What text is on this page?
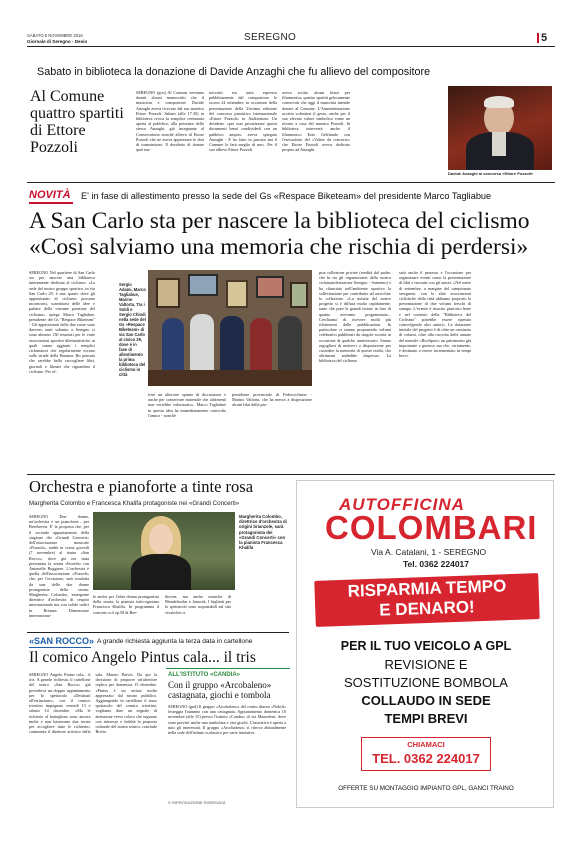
SABATO 5 NOVEMBRE 2016
Giornale di Seregno - Desio	SEREGNO	5
Sabato in biblioteca la donazione di Davide Anzaghi che fu allievo del compositore
Al Comune
quattro spartiti
di Ettore Pozzoli
SEREGNO (gcn) Al Comune verranno donati alcuni manoscritti che il musicista e compositore Davide Anzaghi aveva ricevuto dal suo maestro Ettore Pozzoli. Sabato (alle 17.30) in biblioteca civica la semplice cerimonia aperta al pubblico, alla presenza dello stesso Anzaghi, già insegnante al Conservatorio nonché allievo di Ettore Pozzoli che ne aveva apprezzare le doti di trasmissione. Il desiderio di donare quei ma-
noscritti era stato espresso pubblicamente dal compositore lo scorso 24 settembre, in occasione della presentazione della 31esima edizione del concorso pianistico internazionale «Ettore Pozzoli» in Auditorium. Un desiderio «per non privatizzare questi documenti bensì condividerli con un pubblico ampio» aveva spiegato Anzaghi - E ho fatto in passato ma il Comune lo farà meglio di me». Per il suo allievo Ettore Pozzoli
aveva scritto alcuni brani per filarmonica, quattro spartiti gelosamente conservati che oggi il musicista intende donare al Comune. L'Amministrazione accetta volentieri il gesto, anche per il suo elevato valore simbolico come un ritorno a casa del maestro Pozzoli. In biblioteca interverrà anche il filarmonico Ezio Gelfinado con l'esecuzione del «Valzer da concerto» che Ettore Pozzoli aveva dedicato proprio ad Anzaghi.
Davide Anzaghi al concorso «Ettore Pozzoli»
NOVITÀ E' in fase di allestimento presso la sede del Gs «Respace Biketeam» del presidente Marco Tagliabue
A San Carlo sta per nascere la biblioteca del ciclismo
«Così salviamo una memoria che rischia di perdersi»
SEREGNO Nel quartiere di San Carlo sta per nascere una biblioteca interamente dedicata al ciclismo. «La sede del nostro gruppo sportivo, in via San Carlo 29, è uno spazio dove gli appassionati di ciclismo possono incontrarsi, scambiarsi delle idee e parlare della comune passione del ciclismo» spiega Marco Tagliabue, presidente del Gs "Respace Biketeam" - Gli appassionati delle due ruote sono davvero tanti soltanto a Seregno ci sono almeno 130 tesserati per le varie associazioni sportive dilettantistiche, ai quali vanno aggiunti i semplici ciclomatori che regolarmente escono sulle strade della Brianza. Ho pensato che sarebbe bello raccogliere libri, giornali e filmati che riguardino il ciclismo. Per of-
Sergio Adami, Marco Tagliabue, Marino Valtorta. Tra i Soldi e Sergio Chiodi nella sede del Gs «Respace Biketeam» di via San Carlo al civico 29, dove è in fase di allestimento la prima biblioteca del ciclismo in città
frire un ulteriore spunto di discussione e anche per conservare materiale che altrimenti non verrebbe valorizzato». Marco Tagliabue in questa idea ha immediatamente coinvolto l'amico - nonché
presidente provinciale di Federciclismo - Marino Valtorta, che ha messo a disposizione alcuni libri della pro-
pria collezione private (eredità dal padre, che fu tra gli organizzatori della storica ciclomanifestazione Seregno - Sanremo) e ha rilanciato nell'ambiente sportivo la sollecitazione per contribuire ad arricchire la collezione. «La notizia del nostro progetto si è diffusa molto rapidamente, tanto che pure le grandi testate in fase di quanto avevamo programmato... Cerchiamo di ricevere molti più riferimenti dalle pubblicazioni. In particolare ci stanno proponendo volumi celebrativi pubblicati da singole società in occasione di qualche anniversario. Siamo orgogliosi di metterci a disposizione per custodire la memoria di queste realtà, che altrimenti andrebbe dispersa». La biblioteca del ciclismo
sarà anche il pretesto e l'occasione per organizzare eventi come la presentazione di libri e incontri con gli autori. «Nel mese di settembre, a margine del campionato seregnese, con le altre associazioni ciclistiche della città abbiamo proposto la presentazione di due volumi freschi di stampa. L'evento è riuscito piuttosto bene e nel contesto della "Biblioteca del Ciclismo" potrebbe essere ripetuto coinvolgendo altri autori». La dotazione iniziale del progetto è di oltre un centinaio di volumi, oltre alla raccolta delle annate del mensile «BiciSport» un patrimonio già importante e gustoso ma che, certamente, è destinato a essere incrementato in tempi brevi.
Orchestra e pianoforte a tinte rosa
Margherita Colombo e Francesca Khalifa protagoniste nei «Grandi Concerti»
SEREGNO Due donne, un'orchestra e un pianoforte... per Beethoven. E' la proposta che, per il secondo appuntamento della stagione dei «Grandi Concerti» dell'associazione musicale «Pozzoli», andrà in scena giovedì (7 novembre) al teatro «San Rocco», dove già era stata presentata la serata d'esordio con Antonella Ruggiero. L'orchestra è quella dell'associazione «Pozzoli» che, per l'occasione, sarà condotta da una delle due donne protagoniste della serata: Margherita Colombo, emergente direttrice d'orchestra di respiro internazionale ma con solide radici in Brianza. Dimensione internaziona-
Margherita Colombo, direttrice d'orchestra di origini brianzole, sarà protagonista dei «Grandi Concerti» con la pianista Francesca Khalifa
le anche per l'altra donna protagonista della serata, la pianista italo-egiziana Francesca Khalifa. In programma il concerto n.4 op.58 di Bee-
thoven, ma anche musiche di Mendelssohn e Janacek. I biglietti per lo spettacolo sono acquistabili sul sito vivaticket.it.
AUTOFFICINA
COLOMBARI
Via A. Catalani, 1 - SEREGNO
Tel. 0362 224017
RISPARMIA TEMPO
E DENARO!
PER IL TUO VEICOLO A GPL
REVISIONE E
SOSTITUZIONE BOMBOLA
COLLAUDO IN SEDE
TEMPI BREVI
CHIAMACI
TEL. 0362 224017
OFFERTE SU MONTAGGIO IMPIANTO GPL, GANCI TRAINO
«SAN ROCCO» A grande richiesta aggiunta la terza data in cartellone
Il comico Angelo Pintus cala... il tris
SEREGNO Angelo Pintus cala... il tris. A grande richiesta, il cartellone del teatro «San Rocco» già prevedeva un doppio appuntamento per lo spettacolo «Destinati all'estinzione», con il comico triestino impegnato venerdì 13 e sabato 14 dicembre. «Ma le richieste al botteghino sono ancora molte e non bastavano due serate per accogliere tutte le richieste» commenta il direttore artistico della sala, Marzio Brivio. Da qui la decisione di proporre un'ulteriore replica per domenica 15 dicembre. «Pintus è un artista molto apprezzato dal nostro pubblico. Aggiungendo in cartellone il terzo spettacolo del comico triestino, vogliamo dare un segnale di attenzione verso coloro che seguono con interesse e fedeltà la proposta culturale del nostro teatro» conclude Brivio.
ALL'ISTITUTO «CANDIA»
Con il gruppo «Arcobaleno»
castagnata, giochi e tombola
SEREGNO (gnd) Il gruppo «Arcobaleno» del centro diurno «Nobili» festeggia l'autunno con una castagnata. Appuntamento domenica 10 novembre (alle 15) presso l'istituto «Candia» di via Mazzoleni, dove sono previsti anche una tombolata e vari giochi. L'iniziativa è aperta a tutti gli interessati. Il gruppo «Arcobaleno» si ritrova abitualmente nella sede dell'istituto scolastico per varie iniziative.
© RIPRODUZIONE RISERVATA
